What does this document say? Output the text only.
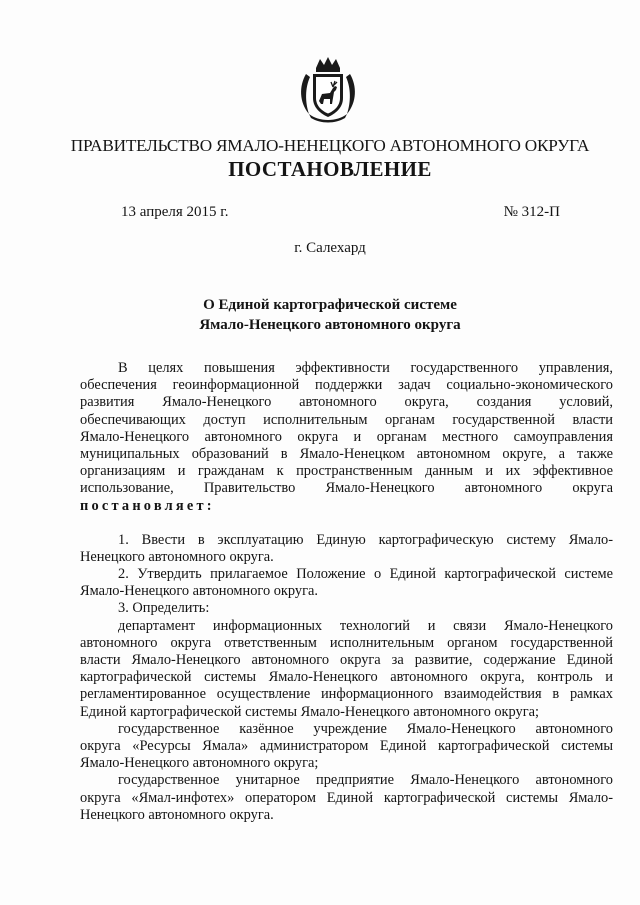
ПРАВИТЕЛЬСТВО ЯМАЛО-НЕНЕЦКОГО АВТОНОМНОГО ОКРУГА
ПОСТАНОВЛЕНИЕ
13 апреля 2015 г.	№ 312-П
г. Салехард
О Единой картографической системе
Ямало-Ненецкого автономного округа
В целях повышения эффективности государственного управления,
обеспечения геоинформационной поддержки задач социально-экономического
развития Ямало-Ненецкого автономного округа, создания условий,
обеспечивающих доступ исполнительным органам государственной власти
Ямало-Ненецкого автономного округа и органам местного самоуправления
муниципальных образований в Ямало-Ненецком автономном округе, а также
организациям и гражданам к пространственным данным и их эффективное
использование, Правительство Ямало-Ненецкого автономного округа
постановляет:
1. Ввести в эксплуатацию Единую картографическую систему Ямало-
Ненецкого автономного округа.
2. Утвердить прилагаемое Положение о Единой картографической системе
Ямало-Ненецкого автономного округа.
3. Определить:
департамент информационных технологий и связи Ямало-Ненецкого
автономного округа ответственным исполнительным органом государственной
власти Ямало-Ненецкого автономного округа за развитие, содержание Единой
картографической системы Ямало-Ненецкого автономного округа, контроль и
регламентированное осуществление информационного взаимодействия в рамках
Единой картографической системы Ямало-Ненецкого автономного округа;
государственное казённое учреждение Ямало-Ненецкого автономного
округа «Ресурсы Ямала» администратором Единой картографической системы
Ямало-Ненецкого автономного округа;
государственное унитарное предприятие Ямало-Ненецкого автономного
округа «Ямал-инфотех» оператором Единой картографической системы Ямало-
Ненецкого автономного округа.
